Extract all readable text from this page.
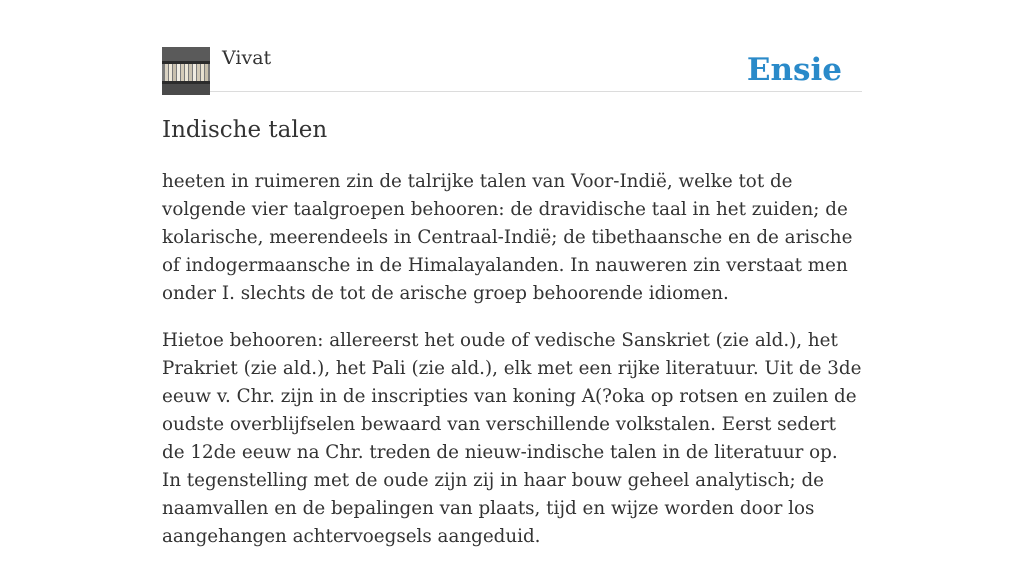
Vivat	Ensie
Indische talen

heeten in ruimeren zin de talrijke talen van Voor-Indië, welke tot de volgende vier taalgroepen behooren: de dravidische taal in het zuiden; de kolarische, meerendeels in Centraal-Indië; de tibethaansche en de arische of indogermaansche in de Himalayalanden. In nauweren zin verstaat men onder I. slechts de tot de arische groep behoorende idiomen.

Hietoe behooren: allereerst het oude of vedische Sanskriet (zie ald.), het Prakriet (zie ald.), het Pali (zie ald.), elk met een rijke literatuur. Uit de 3de eeuw v. Chr. zijn in de inscripties van koning A(?oka op rotsen en zuilen de oudste overblijfselen bewaard van verschillende volkstalen. Eerst sedert de 12de eeuw na Chr. treden de nieuw-indische talen in de literatuur op. In tegenstelling met de oude zijn zij in haar bouw geheel analytisch; de naamvallen en de bepalingen van plaats, tijd en wijze worden door los aangehangen achtervoegsels aangeduid.
